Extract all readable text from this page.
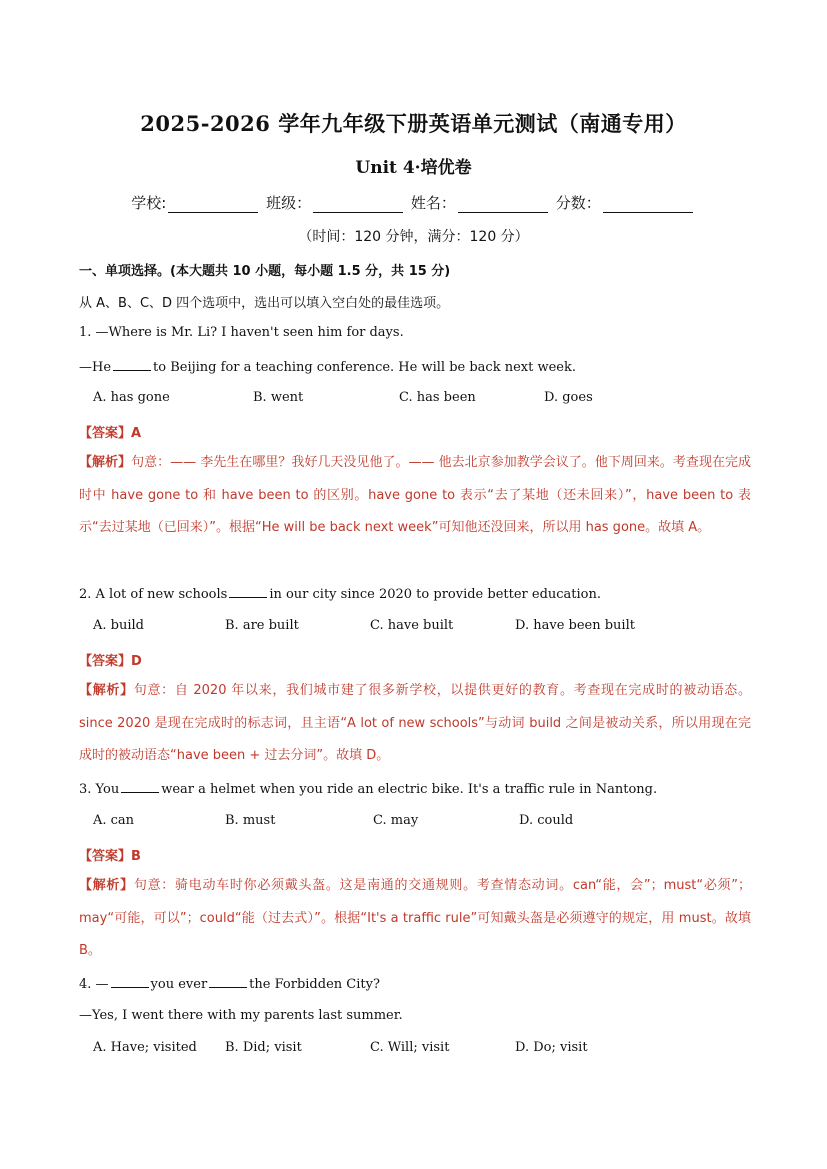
2025-2026 学年九年级下册英语单元测试（南通专用）
Unit 4·培优卷
学校:	班级：	姓名：	分数：
（时间：120 分钟，满分：120 分）
一、单项选择。(本大题共 10 小题，每小题 1.5 分，共 15 分)
从 A、B、C、D 四个选项中，选出可以填入空白处的最佳选项。
1. —Where is Mr. Li? I haven't seen him for days.
—He	to Beijing for a teaching conference. He will be back next week.
A. has gone	B. went	C. has been	D. goes
【答案】A
【解析】句意：—— 李先生在哪里？我好几天没见他了。—— 他去北京参加教学会议了。他下周回来。考查现在完成时中 have gone to 和 have been to 的区别。have gone to 表示“去了某地（还未回来）”，have been to 表示“去过某地（已回来）”。根据“He will be back next week”可知他还没回来，所以用 has gone。故填 A。
2. A lot of new schools	in our city since 2020 to provide better education.
A. build	B. are built	C. have built	D. have been built
【答案】D
【解析】句意：自 2020 年以来，我们城市建了很多新学校，以提供更好的教育。考查现在完成时的被动语态。since 2020 是现在完成时的标志词，且主语“A lot of new schools”与动词 build 之间是被动关系，所以用现在完成时的被动语态“have been + 过去分词”。故填 D。
3. You	wear a helmet when you ride an electric bike. It's a traffic rule in Nantong.
A. can	B. must	C. may	D. could
【答案】B
【解析】句意：骑电动车时你必须戴头盔。这是南通的交通规则。考查情态动词。can“能，会”；must“必须”；may“可能，可以”；could“能（过去式）”。根据“It's a traffic rule”可知戴头盔是必须遵守的规定，用 must。故填 B。
4. —	you ever	the Forbidden City?
—Yes, I went there with my parents last summer.
A. Have; visited B. Did; visit	C. Will; visit	D. Do; visit
